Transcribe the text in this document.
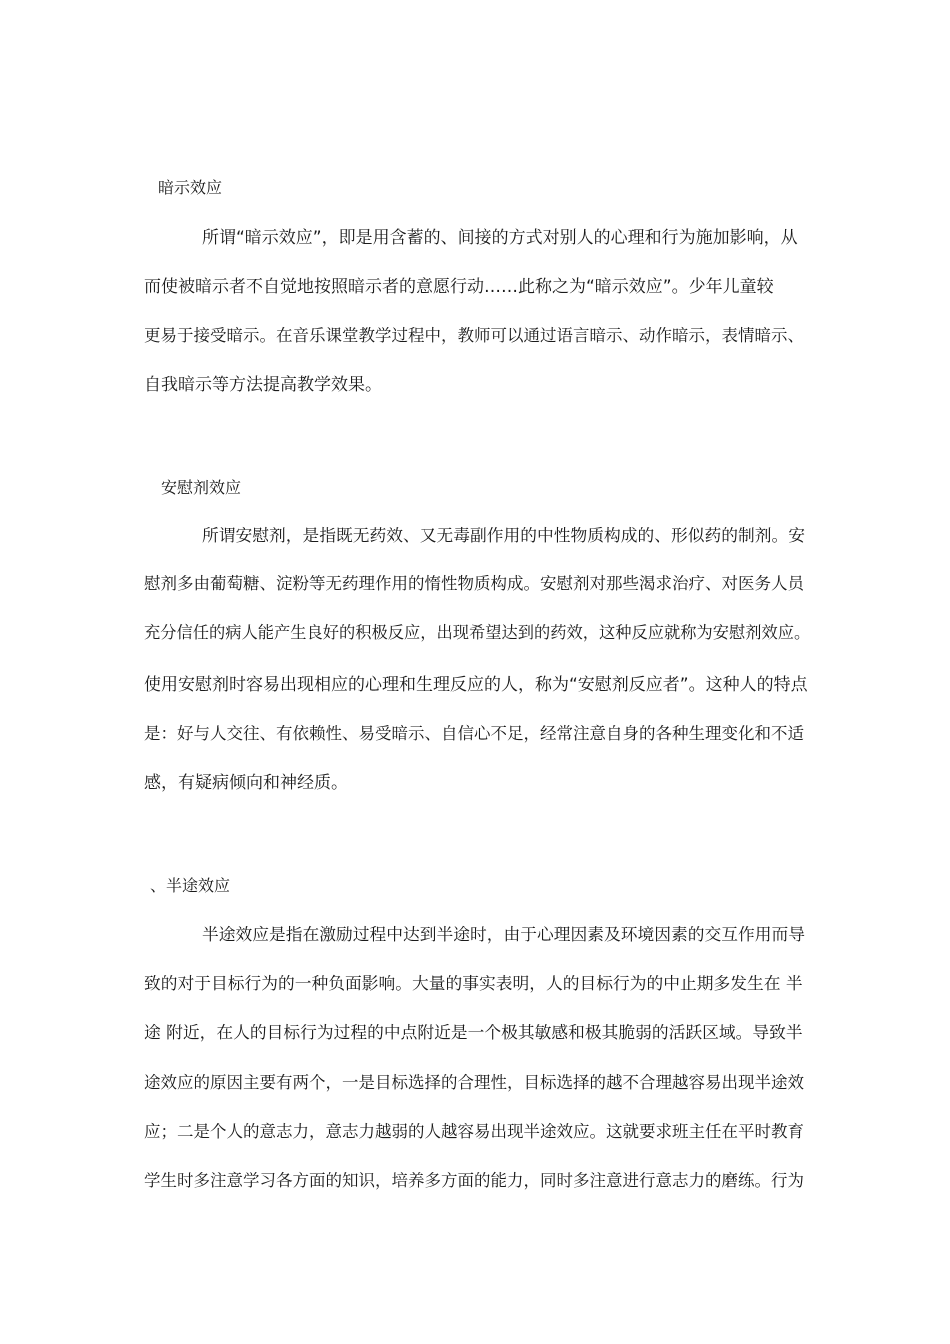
暗示效应
所谓“暗示效应”，即是用含蓄的、间接的方式对别人的心理和行为施加影响，从
而使被暗示者不自觉地按照暗示者的意愿行动……此称之为“暗示效应”。少年儿童较
更易于接受暗示。在音乐课堂教学过程中，教师可以通过语言暗示、动作暗示，表情暗示、
自我暗示等方法提高教学效果。
安慰剂效应
所谓安慰剂，是指既无药效、又无毒副作用的中性物质构成的、形似药的制剂。安
慰剂多由葡萄糖、淀粉等无药理作用的惰性物质构成。安慰剂对那些渴求治疗、对医务人员
充分信任的病人能产生良好的积极反应，出现希望达到的药效，这种反应就称为安慰剂效应。
使用安慰剂时容易出现相应的心理和生理反应的人，称为“安慰剂反应者”。这种人的特点
是：好与人交往、有依赖性、易受暗示、自信心不足，经常注意自身的各种生理变化和不适
感，有疑病倾向和神经质。
、半途效应
半途效应是指在激励过程中达到半途时，由于心理因素及环境因素的交互作用而导
致的对于目标行为的一种负面影响。大量的事实表明，人的目标行为的中止期多发生在 半
途 附近，在人的目标行为过程的中点附近是一个极其敏感和极其脆弱的活跃区域。导致半
途效应的原因主要有两个，一是目标选择的合理性，目标选择的越不合理越容易出现半途效
应；二是个人的意志力，意志力越弱的人越容易出现半途效应。这就要求班主任在平时教育
学生时多注意学习各方面的知识，培养多方面的能力，同时多注意进行意志力的磨练。行为
